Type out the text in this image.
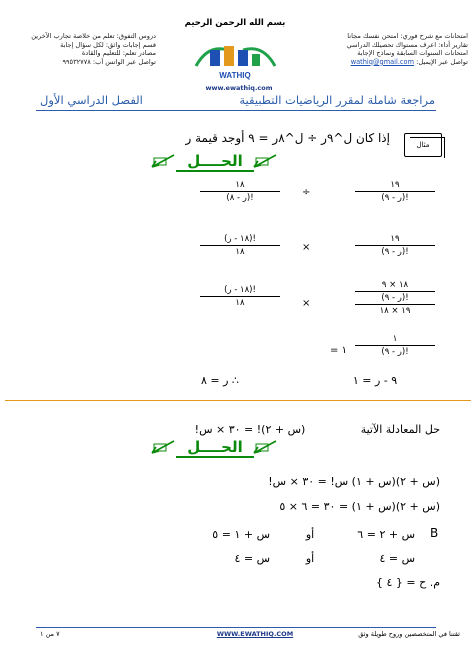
بسم الله الرحمن الرحيم
دروس التفوق: تعلم من خلاصة تجارب الآخرين
قسم إجابات واثق: لكل سؤال إجابة
مصادر تعلم: للتعليم والقادة
تواصل عبر الواتس آب: ٩٩٥٣٢٧٧٨
امتحانات مع شرح فوري: امتحن نفسك مجانا
تقارير أداء: اعرف مستواك تحصيلك الدراسي
امتحانات السنوات السابقة ونماذج الإجابة
تواصل عبر الإيميل: wathiq@gmail.com
WATHIQ
www.ewathiq.com
مراجعة شاملة لمقرر الرياضيات التطبيقية
الفصل الدراسي الأول
مثال
إذا كان ل^٩ر ÷ ل^٨ر = ٩ أوجد قيمة ر
الحــــل
١٨
(ر - ٨)!	÷
١٩
(ر - ٩)!
(١٨ - ر)!
١٨	×
١٩
(ر - ٩)!
(١٨ - ر)!
١٨	×
١٨ × ٩
(ر - ٩)!
١٩ × ١٨
= ١
١
(ر - ٩)!
∴ ر = ٨	٩ - ر = ١
حل المعادلة الآتية
(س + ٢)! = ٣٠ × س!
الحــــل
(س + ٢)(س + ١) س! = ٣٠ × س!
(س + ٢)(س + ١) = ٣٠ = ٦ × ٥
B
س + ٢ = ٦
أو
س + ١ = ٥
س = ٤
أو
س = ٤
م. ح = { ٤ }
ثقتنا في المتخصصين وروح طويلة وثق
WWW.EWATHIQ.COM
٧ من ١
